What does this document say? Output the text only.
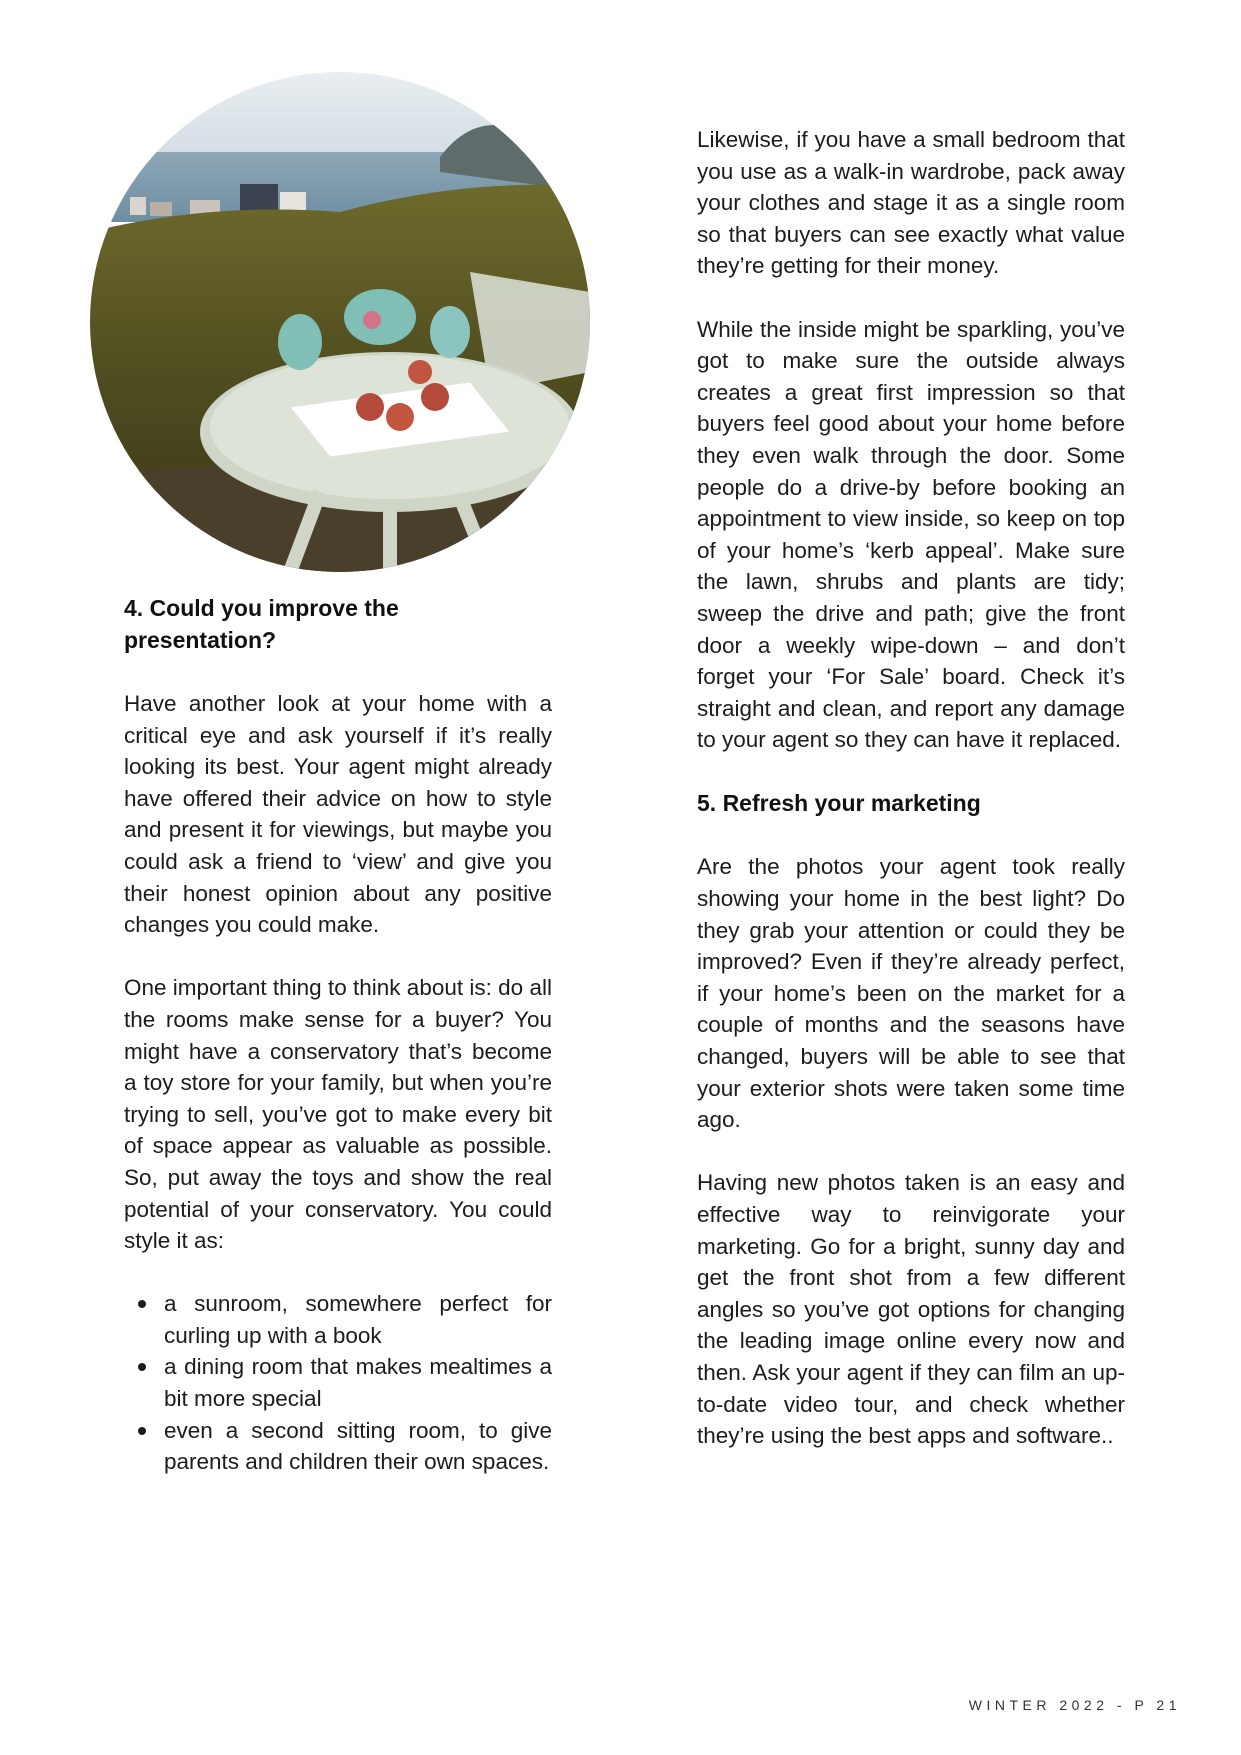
4. Could you improve the presentation?

Have another look at your home with a critical eye and ask yourself if it’s really looking its best. Your agent might already have offered their advice on how to style and present it for viewings, but maybe you could ask a friend to ‘view’ and give you their honest opinion about any positive changes you could make.

One important thing to think about is: do all the rooms make sense for a buyer? You might have a conservatory that’s become a toy store for your family, but when you’re trying to sell, you’ve got to make every bit of space appear as valuable as possible. So, put away the toys and show the real potential of your conservatory. You could style it as:

a sunroom, somewhere perfect for curling up with a book
a dining room that makes mealtimes a bit more special
even a second sitting room, to give parents and children their own spaces.

Likewise, if you have a small bedroom that you use as a walk-in wardrobe, pack away your clothes and stage it as a single room so that buyers can see exactly what value they’re getting for their money.

While the inside might be sparkling, you’ve got to make sure the outside always creates a great first impression so that buyers feel good about your home before they even walk through the door. Some people do a drive-by before booking an appointment to view inside, so keep on top of your home’s ‘kerb appeal’. Make sure the lawn, shrubs and plants are tidy; sweep the drive and path; give the front door a weekly wipe-down – and don’t forget your ‘For Sale’ board. Check it’s straight and clean, and report any damage to your agent so they can have it replaced.

5. Refresh your marketing

Are the photos your agent took really showing your home in the best light? Do they grab your attention or could they be improved? Even if they’re already perfect, if your home’s been on the market for a couple of months and the seasons have changed, buyers will be able to see that your exterior shots were taken some time ago.

Having new photos taken is an easy and effective way to reinvigorate your marketing. Go for a bright, sunny day and get the front shot from a few different angles so you’ve got options for changing the leading image online every now and then. Ask your agent if they can film an up-to-date video tour, and check whether they’re using the best apps and software..

WINTER 2022 - P 21
